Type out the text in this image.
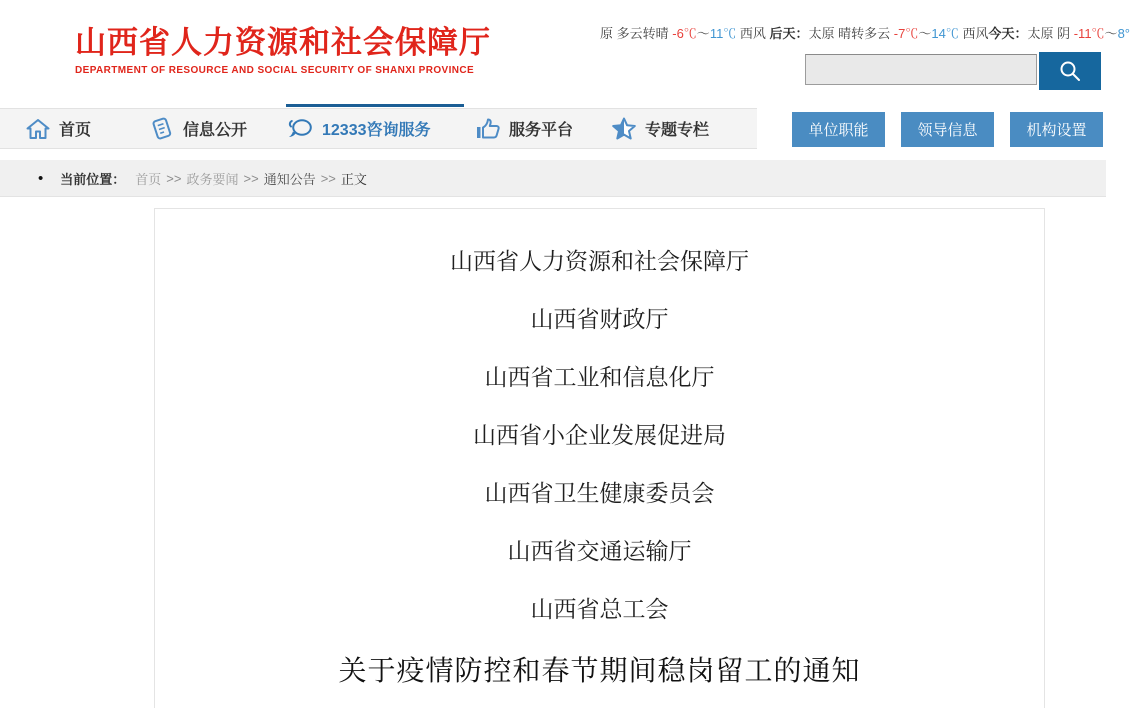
山西省人力资源和社会保障厅
DEPARTMENT OF RESOURCE AND SOCIAL SECURITY OF SHANXI PROVINCE
原 多云转晴 -6℃～11℃ 西风 后天：太原 晴转多云 -7℃～14℃ 西风今天：太原 阴 -11℃～8°
首页	信息公开	12333咨询服务	服务平台	专题专栏	单位职能	领导信息	机构设置
• 当前位置： 首页 >> 政务要闻 >> 通知公告 >> 正文
山西省人力资源和社会保障厅
山西省财政厅
山西省工业和信息化厅
山西省小企业发展促进局
山西省卫生健康委员会
山西省交通运输厅
山西省总工会
关于疫情防控和春节期间稳岗留工的通知
